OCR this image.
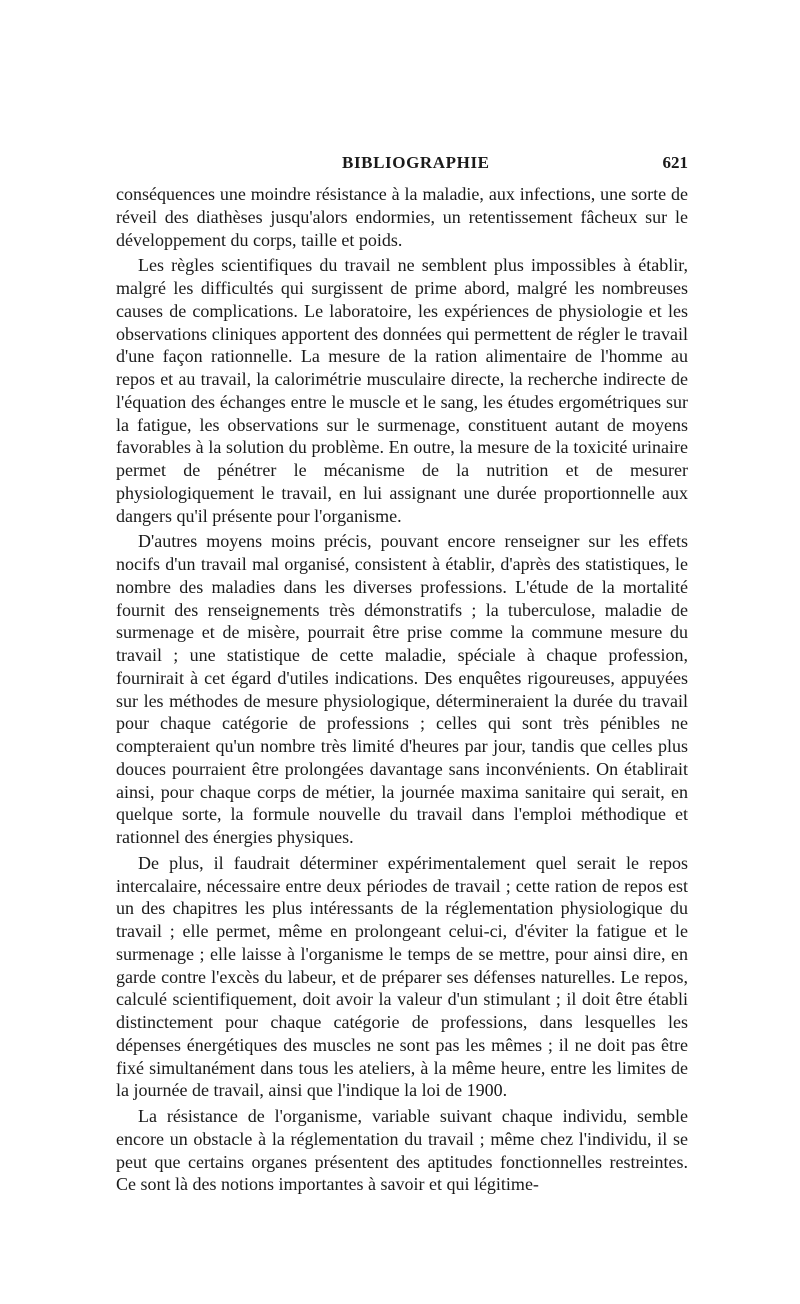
BIBLIOGRAPHIE	621

conséquences une moindre résistance à la maladie, aux infections, une sorte de réveil des diathèses jusqu'alors endormies, un retentissement fâcheux sur le développement du corps, taille et poids.

Les règles scientifiques du travail ne semblent plus impossibles à établir, malgré les difficultés qui surgissent de prime abord, malgré les nombreuses causes de complications. Le laboratoire, les expériences de physiologie et les observations cliniques apportent des données qui permettent de régler le travail d'une façon rationnelle. La mesure de la ration alimentaire de l'homme au repos et au travail, la calorimétrie musculaire directe, la recherche indirecte de l'équation des échanges entre le muscle et le sang, les études ergométriques sur la fatigue, les observations sur le surmenage, constituent autant de moyens favorables à la solution du problème. En outre, la mesure de la toxicité urinaire permet de pénétrer le mécanisme de la nutrition et de mesurer physiologiquement le travail, en lui assignant une durée proportionnelle aux dangers qu'il présente pour l'organisme.

D'autres moyens moins précis, pouvant encore renseigner sur les effets nocifs d'un travail mal organisé, consistent à établir, d'après des statistiques, le nombre des maladies dans les diverses professions. L'étude de la mortalité fournit des renseignements très démonstratifs ; la tuberculose, maladie de surmenage et de misère, pourrait être prise comme la commune mesure du travail ; une statistique de cette maladie, spéciale à chaque profession, fournirait à cet égard d'utiles indications. Des enquêtes rigoureuses, appuyées sur les méthodes de mesure physiologique, détermineraient la durée du travail pour chaque catégorie de professions ; celles qui sont très pénibles ne compteraient qu'un nombre très limité d'heures par jour, tandis que celles plus douces pourraient être prolongées davantage sans inconvénients. On établirait ainsi, pour chaque corps de métier, la journée maxima sanitaire qui serait, en quelque sorte, la formule nouvelle du travail dans l'emploi méthodique et rationnel des énergies physiques.

De plus, il faudrait déterminer expérimentalement quel serait le repos intercalaire, nécessaire entre deux périodes de travail ; cette ration de repos est un des chapitres les plus intéressants de la réglementation physiologique du travail ; elle permet, même en prolongeant celui-ci, d'éviter la fatigue et le surmenage ; elle laisse à l'organisme le temps de se mettre, pour ainsi dire, en garde contre l'excès du labeur, et de préparer ses défenses naturelles. Le repos, calculé scientifiquement, doit avoir la valeur d'un stimulant ; il doit être établi distinctement pour chaque catégorie de professions, dans lesquelles les dépenses énergétiques des muscles ne sont pas les mêmes ; il ne doit pas être fixé simultanément dans tous les ateliers, à la même heure, entre les limites de la journée de travail, ainsi que l'indique la loi de 1900.

La résistance de l'organisme, variable suivant chaque individu, semble encore un obstacle à la réglementation du travail ; même chez l'individu, il se peut que certains organes présentent des aptitudes fonctionnelles restreintes. Ce sont là des notions importantes à savoir et qui légitime-
